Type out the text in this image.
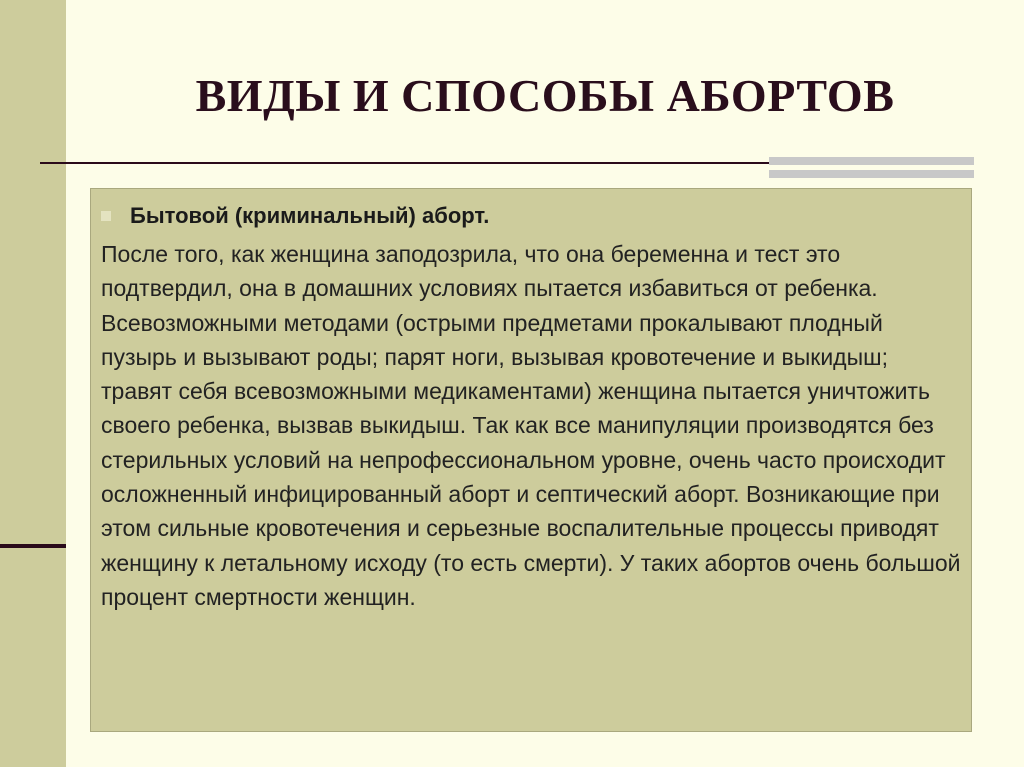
ВИДЫ И СПОСОБЫ АБОРТОВ
Бытовой (криминальный) аборт.

После того, как женщина заподозрила, что она беременна и тест это подтвердил, она в домашних условиях пытается избавиться от ребенка. Всевозможными методами (острыми предметами прокалывают плодный пузырь и вызывают роды; парят ноги, вызывая кровотечение и выкидыш; травят себя всевозможными медикаментами) женщина пытается уничтожить своего ребенка, вызвав выкидыш. Так как все манипуляции производятся без стерильных условий на непрофессиональном уровне, очень часто происходит осложненный инфицированный аборт и септический аборт. Возникающие при этом сильные кровотечения и серьезные воспалительные процессы приводят женщину к летальному исходу (то есть смерти). У таких абортов очень большой процент смертности женщин.
